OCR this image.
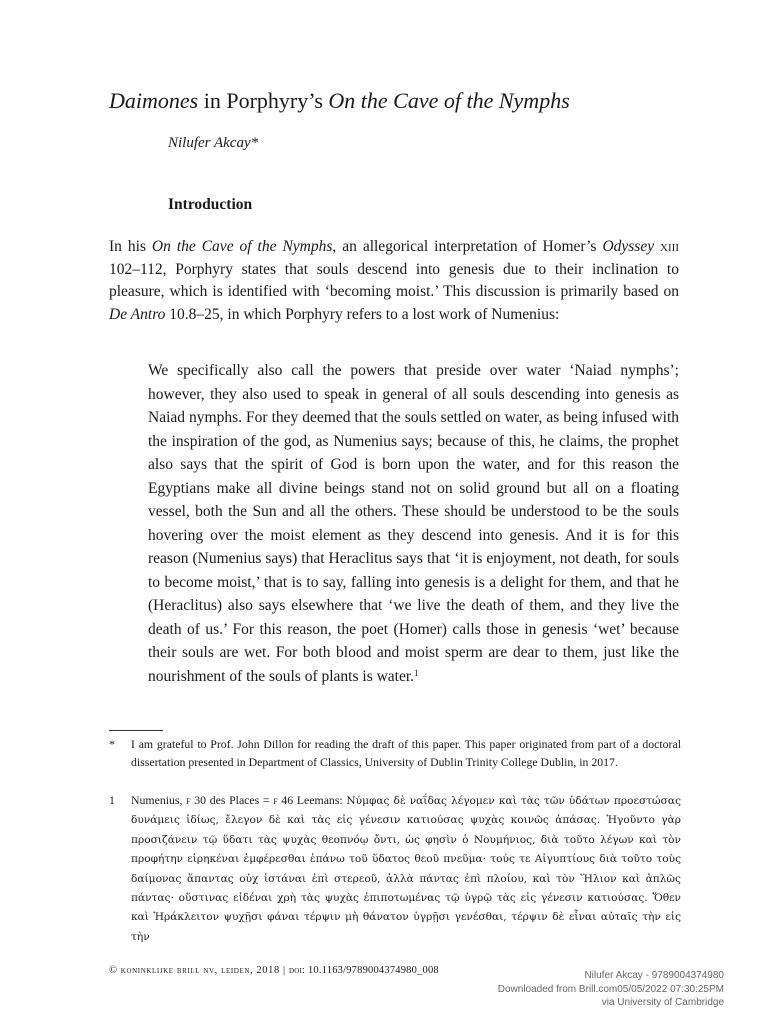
Daimones in Porphyry’s On the Cave of the Nymphs
Nilufer Akcay*
Introduction

In his On the Cave of the Nymphs, an allegorical interpretation of Homer’s Odyssey xiii 102–112, Porphyry states that souls descend into genesis due to their inclination to pleasure, which is identified with ‘becoming moist.’ This discussion is primarily based on De Antro 10.8–25, in which Porphyry refers to a lost work of Numenius:

We specifically also call the powers that preside over water ‘Naiad nymphs’; however, they also used to speak in general of all souls descending into genesis as Naiad nymphs. For they deemed that the souls settled on water, as being infused with the inspiration of the god, as Numenius says; because of this, he claims, the prophet also says that the spirit of God is born upon the water, and for this reason the Egyptians make all divine beings stand not on solid ground but all on a floating vessel, both the Sun and all the others. These should be understood to be the souls hovering over the moist element as they descend into genesis. And it is for this reason (Numenius says) that Heraclitus says that ‘it is enjoyment, not death, for souls to become moist,’ that is to say, falling into genesis is a delight for them, and that he (Heraclitus) also says elsewhere that ‘we live the death of them, and they live the death of us.’ For this reason, the poet (Homer) calls those in genesis ‘wet’ because their souls are wet. For both blood and moist sperm are dear to them, just like the nourishment of the souls of plants is water.$^1$

* I am grateful to Prof. John Dillon for reading the draft of this paper. This paper originated from part of a doctoral dissertation presented in Department of Classics, University of Dublin Trinity College Dublin, in 2017.
1 Numenius, f 30 des Places = f 46 Leemans: Νύμφας δὲ ναΐδας λέγομεν καὶ τὰς τῶν ὑδάτων προεστώσας δυνάμεις ἰδίως, ἔλεγον δὲ καὶ τὰς εἰς γένεσιν κατιούσας ψυχὰς κοινῶς ἁπάσας. Ἡγοῦντο γὰρ προσιζάνειν τῷ ὕδατι τὰς ψυχὰς θεοπνόῳ ὄντι, ὡς φησὶν ὁ Νουμήνιος, διὰ τοῦτο λέγων καὶ τὸν προφήτην εἰρηκέναι ἐμφέρεσθαι ἐπάνω τοῦ ὕδατος θεοῦ πνεῦμα· τούς τε Αἰγυπτίους διὰ τοῦτο τοὺς δαίμονας ἅπαντας οὐχ ἱστάναι ἐπὶ στερεοῦ, ἀλλὰ πάντας ἐπὶ πλοίου, καὶ τὸν Ἥλιον καὶ ἁπλῶς πάντας· οὕστινας εἰδέναι χρὴ τὰς ψυχὰς ἐπιποτωμένας τῷ ὑγρῷ τὰς εἰς γένεσιν κατιούσας. Ὅθεν καὶ Ἡράκλειτον ψυχῇσι φάναι τέρψιν μὴ θάνατον ὑγρῇσι γενέσθαι, τέρψιν δὲ εἶναι αὐταῖς τὴν εἰς τὴν
© koninklijke brill nv, leiden, 2018 | doi: 10.1163/9789004374980_008	Nilufer Akcay - 9789004374980
Downloaded from Brill.com05/05/2022 07:30:25PM
via University of Cambridge
